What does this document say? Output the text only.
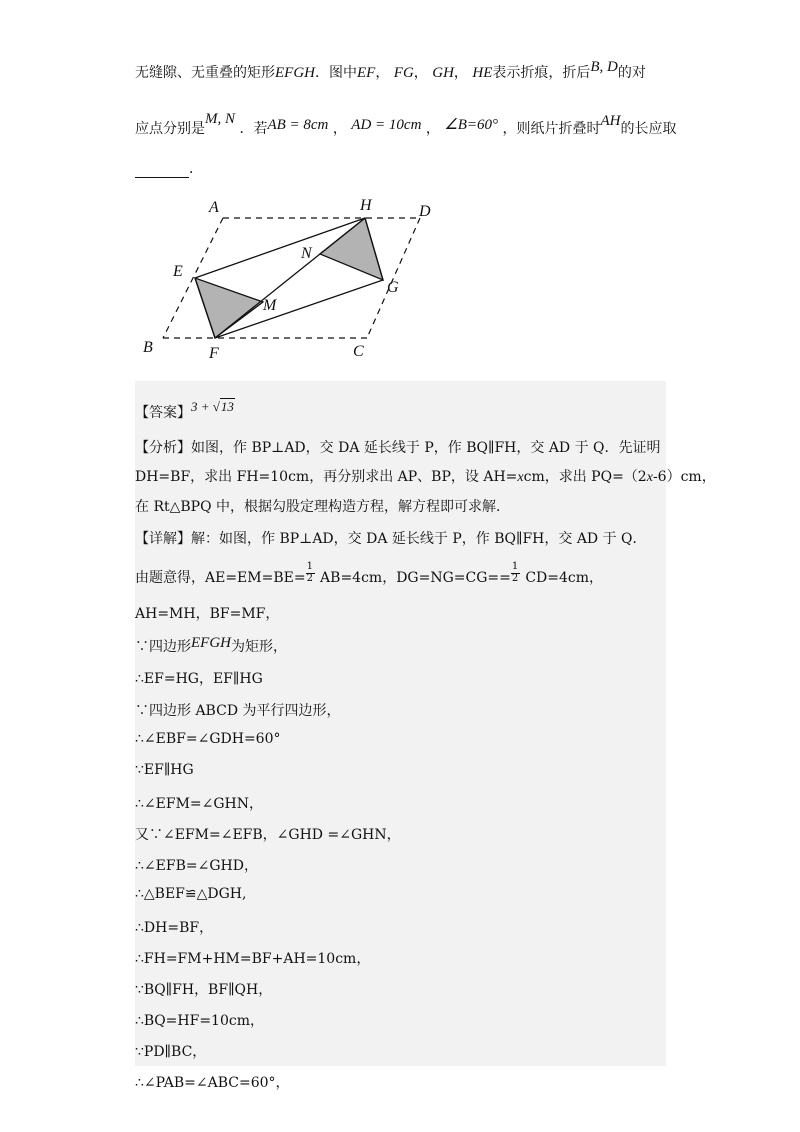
无缝隙、无重叠的矩形EFGH．图中EF， FG， GH， HE表示折痕，折后B, D的对
应点分别是M, N ．若AB = 8cm ， AD = 10cm ， ∠B=60° ，则纸片折叠时AH的长应取
．
A	H	D
N
E
G
M
B	F	C
【答案】3 + √13
【分析】如图，作 BP⊥AD，交 DA 延长线于 P，作 BQ∥FH，交 AD 于 Q．先证明
DH=BF，求出 FH=10cm，再分别求出 AP、BP，设 AH=xcm，求出 PQ=（2x-6）cm，
在 Rt△BPQ 中，根据勾股定理构造方程，解方程即可求解．
【详解】解：如图，作 BP⊥AD，交 DA 延长线于 P，作 BQ∥FH，交 AD 于 Q．
由题意得，$AE=EM=BE= \frac{1}{2} AB=4cm$，$DG=NG=CG== \frac{1}{2} CD=4cm$，
AH=MH，BF=MF，
∵四边形EFGH为矩形，
∴EF=HG，EF∥HG
∵四边形 ABCD 为平行四边形，
∴∠EBF=∠GDH=60°
∵EF∥HG
∴∠EFM=∠GHN，
又∵∠EFM=∠EFB，∠GHD =∠GHN，
∴∠EFB=∠GHD，
∴△BEF≌△DGH,
∴DH=BF，
∴FH=FM+HM=BF+AH=10cm，
∵BQ∥FH，BF∥QH，
∴BQ=HF=10cm，
∵PD∥BC，
∴∠PAB=∠ABC=60°，
